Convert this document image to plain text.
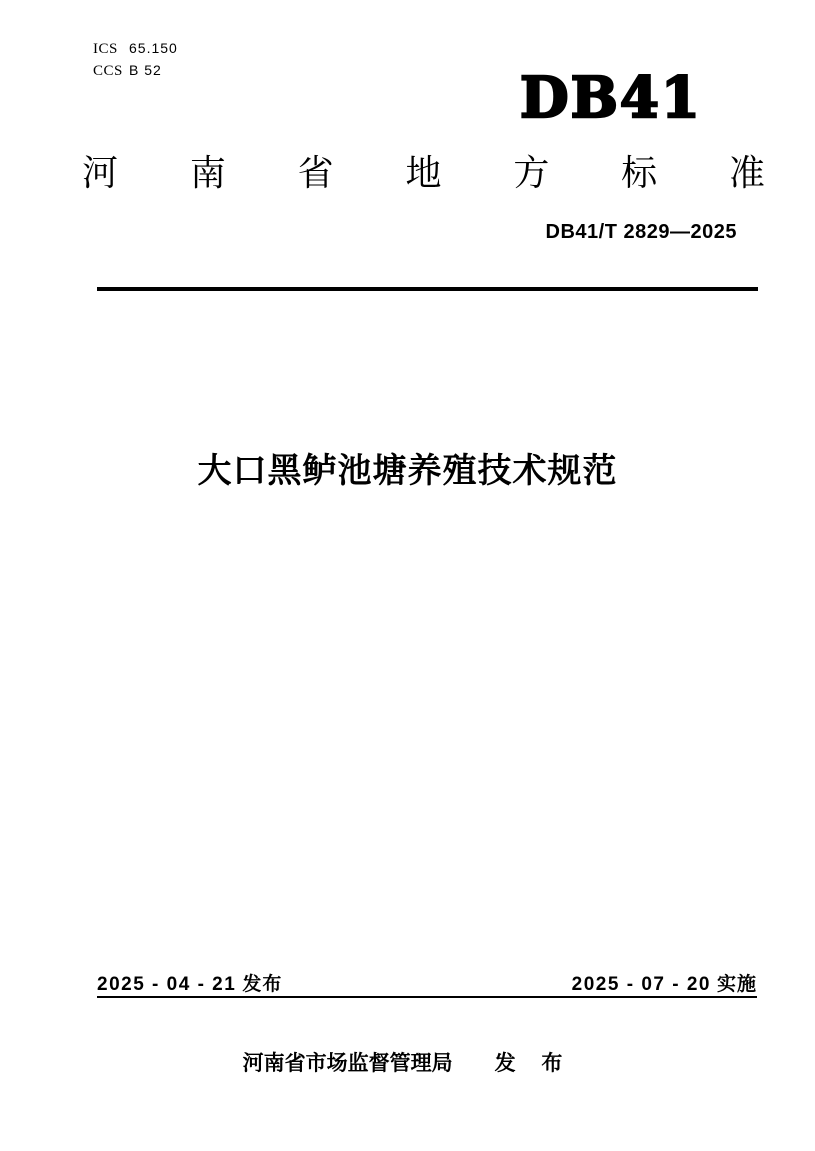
ICS 65.150
CCS B 52	DB41
河 南 省 地 方 标 准
DB41/T 2829—2025
大口黑鲈池塘养殖技术规范
2025 - 04 - 21 发布	2025 - 07 - 20 实施
河南省市场监督管理局 发 布
